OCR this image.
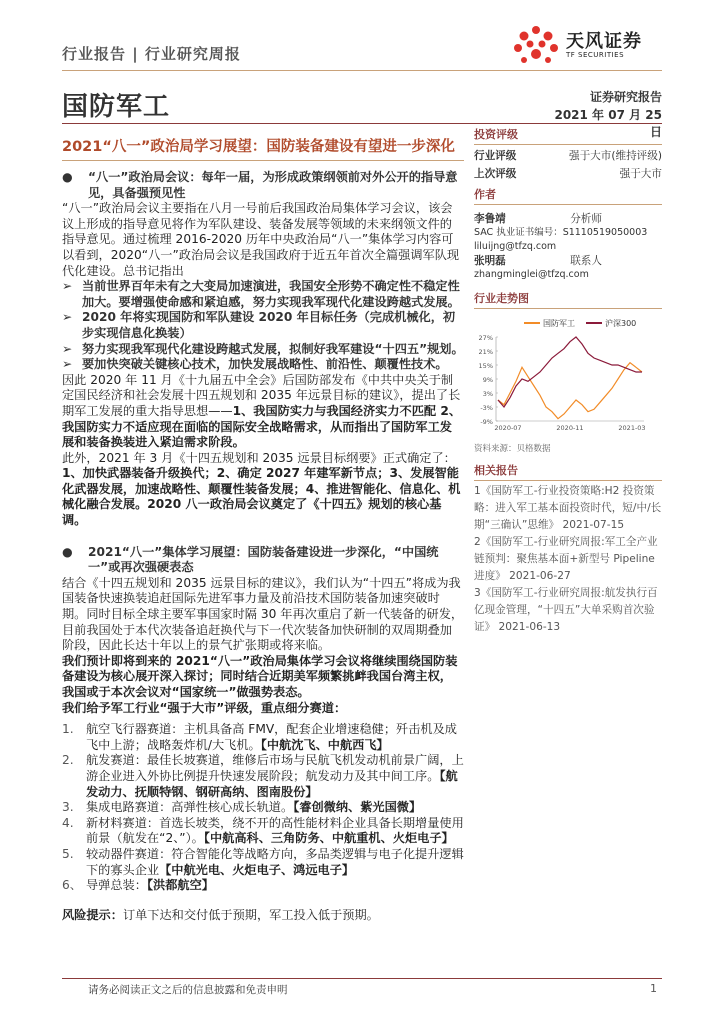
行业报告 | 行业研究周报
天风证券
TF SECURITIES
国防军工	证券研究报告
2021 年 07 月 25 日
2021“八一”政治局学习展望：国防装备建设有望进一步深化

● “八一”政治局会议：每年一届，为形成政策纲领前对外公开的指导意见，具备强预见性

“八一”政治局会议主要指在八月一号前后我国政治局集体学习会议，该会议上形成的指导意见将作为军队建设、装备发展等领域的未来纲领文件的指导意见。通过梳理 2016-2020 历年中央政治局“八一”集体学习内容可以看到，2020“八一”政治局会议是我国政府于近五年首次全篇强调军队现代化建设。总书记指出

➢ 当前世界百年未有之大变局加速演进，我国安全形势不确定性不稳定性加大。要增强使命感和紧迫感，努力实现我军现代化建设跨越式发展。

➢ 2020 年将实现国防和军队建设 2020 年目标任务（完成机械化，初步实现信息化换装）

➢ 努力实现我军现代化建设跨越式发展，拟制好我军建设“十四五”规划。

➢ 要加快突破关键核心技术，加快发展战略性、前沿性、颠覆性技术。

因此 2020 年 11 月《十九届五中全会》后国防部发布《中共中央关于制定国民经济和社会发展十四五规划和 2035 年远景目标的建议》，提出了长期军工发展的重大指导思想——1、我国防实力与我国经济实力不匹配 2、我国防实力不适应现在面临的国际安全战略需求，从而指出了国防军工发展和装备换装进入紧迫需求阶段。

此外，2021 年 3 月《十四五规划和 2035 远景目标纲要》正式确定了：1、加快武器装备升级换代；2、确定 2027 年建军新节点；3、发展智能化武器发展，加速战略性、颠覆性装备发展；4、推进智能化、信息化、机械化融合发展。2020 八一政治局会议奠定了《十四五》规划的核心基调。

● 2021“八一”集体学习展望：国防装备建设进一步深化，“中国统一”或再次强硬表态

结合《十四五规划和 2035 远景目标的建议》，我们认为“十四五”将成为我国装备快速换装追赶国际先进军事力量及前沿技术国防装备加速突破时期。同时目标全球主要军事国家时隔 30 年再次重启了新一代装备的研发，目前我国处于本代次装备追赶换代与下一代次装备加快研制的双周期叠加阶段，因此长达十年以上的景气扩张期或将来临。

我们预计即将到来的 2021“八一”政治局集体学习会议将继续围绕国防装备建设为核心展开深入探讨；同时结合近期美军频繁挑衅我国台湾主权，我国或于本次会议对“国家统一”做强势表态。

我们给予军工行业“强于大市”评级，重点细分赛道：

1. 航空飞行器赛道：主机具备高 FMV，配套企业增速稳健；歼击机及成飞中上游；战略轰炸机/大飞机。【中航沈飞、中航西飞】

2. 航发赛道：最佳长坡赛道，维修后市场与民航飞机发动机前景广阔，上游企业进入外协比例提升快速发展阶段；航发动力及其中间工序。【航发动力、抚顺特钢、钢研高纳、图南股份】

3. 集成电路赛道：高弹性核心成长轨道。【睿创微纳、紫光国微】

4. 新材料赛道：首选长坡类，绕不开的高性能材料企业具备长期增量使用前景（航发在“2、”）。【中航高科、三角防务、中航重机、火炬电子】

5. 较动器件赛道：符合智能化等战略方向，多品类逻辑与电子化提升逻辑下的寡头企业【中航光电、火炬电子、鸿远电子】

6、 导弹总装：【洪都航空】

风险提示：订单下达和交付低于预期，军工投入低于预期。
投资评级
行业评级	强于大市(维持评级)
上次评级	强于大市
作者
李鲁靖	分析师
SAC 执业证书编号：S1110519050003
liluijng@tfzq.com
张明磊	联系人
zhangminglei@tfzq.com
行业走势图
国防军工	沪深300
27%
21%
15%
9%
3%
-3%
-9%
2020-07	2020-11	2021-03
资料来源：贝格数据
相关报告
1《国防军工-行业投资策略:H2 投资策略：进入军工基本面投资时代，短/中/长期“三确认”思维》 2021-07-15
2《国防军工-行业研究周报:军工全产业链预判：聚焦基本面+新型号 Pipeline 进度》 2021-06-27
3《国防军工-行业研究周报:航发执行百亿现金管理，“十四五”大单采购首次验证》 2021-06-13
请务必阅读正文之后的信息披露和免责申明	1
